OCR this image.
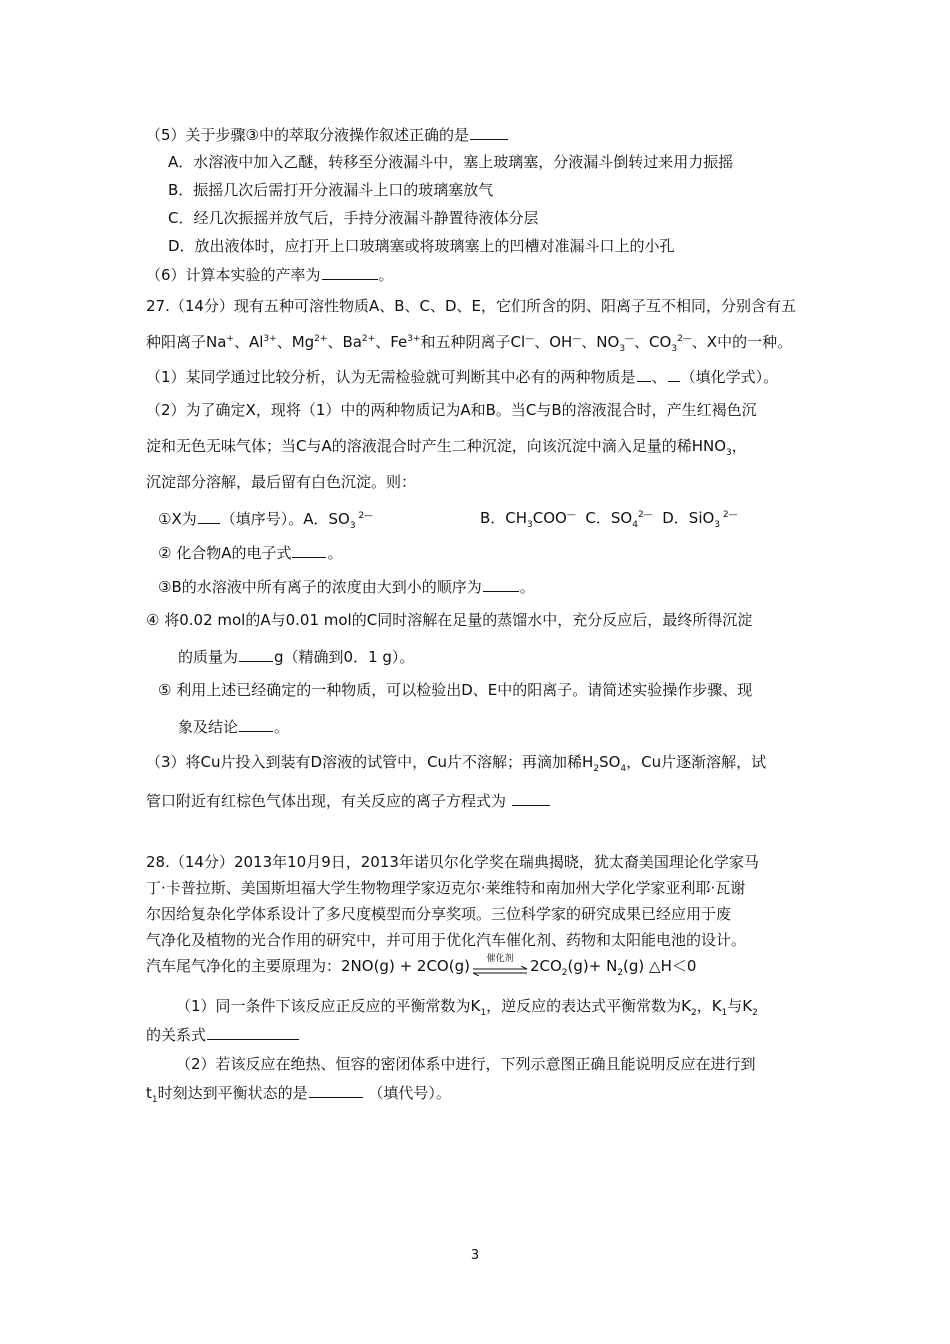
（5）关于步骤③中的萃取分液操作叙述正确的是
A．水溶液中加入乙醚，转移至分液漏斗中，塞上玻璃塞，分液漏斗倒转过来用力振摇
B．振摇几次后需打开分液漏斗上口的玻璃塞放气
C．经几次振摇并放气后，手持分液漏斗静置待液体分层
D．放出液体时，应打开上口玻璃塞或将玻璃塞上的凹槽对准漏斗口上的小孔
（6）计算本实验的产率为	。
27.（14分）现有五种可溶性物质A、B、C、D、E，它们所含的阴、阳离子互不相同，分别含有五
种阳离子Na+、$Al^{3+}$、$Mg^{2+}$、$Ba^{2+}$、$Fe^{3+}$和五种阴离子Cl—、OH—、$NO_3^—$、$CO_3^{2—}$、X中的一种。
（1）某同学通过比较分析，认为无需检验就可判断其中必有的两种物质是 、 （填化学式）。
（2）为了确定X，现将（1）中的两种物质记为A和B。当C与B的溶液混合时，产生红褐色沉
淀和无色无味气体；当C与A的溶液混合时产生二种沉淀，向该沉淀中滴入足量的稀$HNO_3$，
沉淀部分溶解，最后留有白色沉淀。则：
①X为 （填序号）。A．$SO_3$ $^{2—}$	B．$CH_3COO^—$ C．$SO_4^{2—}$ D．SiO$_3$ $^{2—}$
② 化合物A的电子式 。
③B的水溶液中所有离子的浓度由大到小的顺序为	。
④ 将0.02 mol的A与0.01 mol的C同时溶解在足量的蒸馏水中，充分反应后，最终所得沉淀
的质量为 g（精确到0．1 g）。
⑤ 利用上述已经确定的一种物质，可以检验出D、E中的阳离子。请简述实验操作步骤、现
象及结论 。
（3）将Cu片投入到装有D溶液的试管中，Cu片不溶解；再滴加稀$H_2SO_4$，Cu片逐渐溶解，试
管口附近有红棕色气体出现，有关反应的离子方程式为
28.（14分）2013年10月9日，2013年诺贝尔化学奖在瑞典揭晓，犹太裔美国理论化学家马
丁·卡普拉斯、美国斯坦福大学生物物理学家迈克尔·莱维特和南加州大学化学家亚利耶·瓦谢
尔因给复杂化学体系设计了多尺度模型而分享奖项。三位科学家的研究成果已经应用于废
气净化及植物的光合作用的研究中，并可用于优化汽车催化剂、药物和太阳能电池的设计。
汽车尾气净化的主要原理为：2NO(g) + 2CO(g)	催化剂	$2CO_2(g)+ N_2(g)$ △H＜0
（1）同一条件下该反应正反应的平衡常数为$K_1$，逆反应的表达式平衡常数为$K_2$，$K_1$与$K_2$
的关系式
（2）若该反应在绝热、恒容的密闭体系中进行，下列示意图正确且能说明反应在进行到
$t_1$时刻达到平衡状态的是	（填代号）。
3
